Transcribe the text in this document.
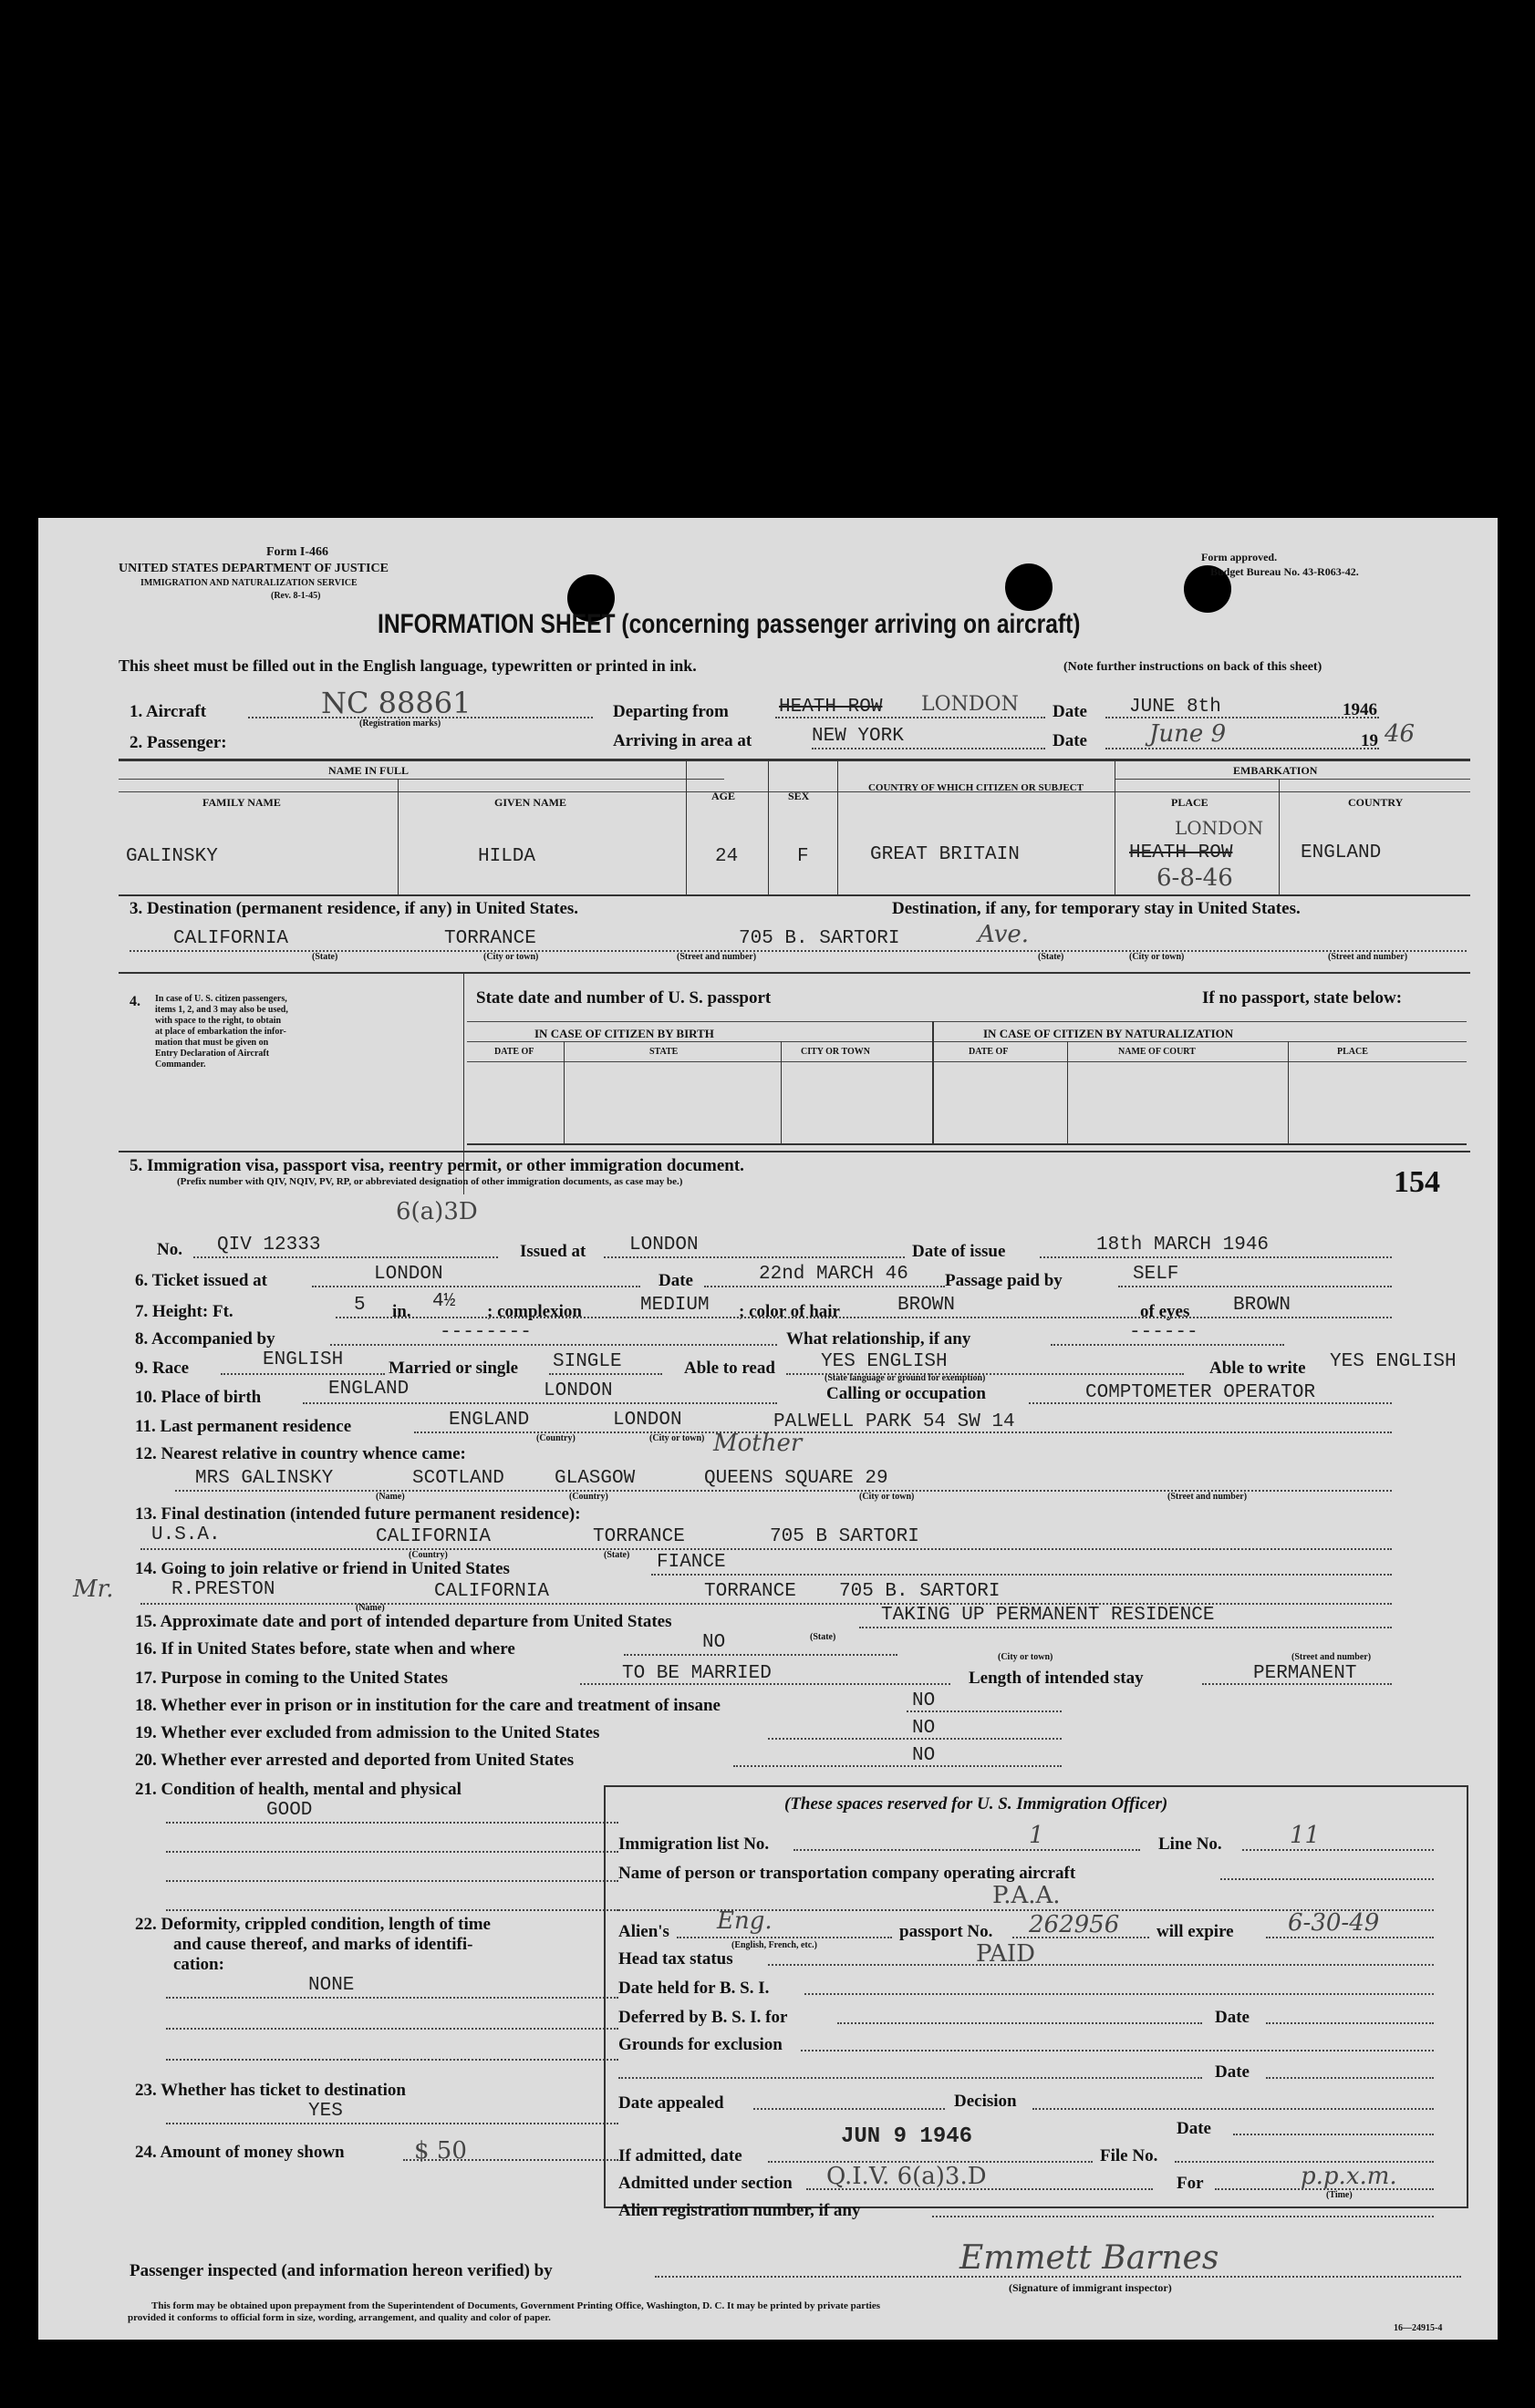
Form I-466
UNITED STATES DEPARTMENT OF JUSTICE
IMMIGRATION AND NATURALIZATION SERVICE
(Rev. 8-1-45)
Form approved.
Budget Bureau No. 43-R063-42.
INFORMATION SHEET (concerning passenger arriving on aircraft)
This sheet must be filled out in the English language, typewritten or printed in ink.	(Note further instructions on back of this sheet)
1. Aircraft	NC 88861
(Registration marks)
Departing from	HEATH ROW LONDON Date JUNE 8th	1946
2. Passenger:	Arriving in area at	NEW YORK	Date	June 9	19 46
NAME IN FULL
FAMILY NAME	GIVEN NAME	AGE	SEX
COUNTRY OF WHICH CITIZEN OR SUBJECT
EMBARKATION
PLACE	COUNTRY
GALINSKY	HILDA	24	F	GREAT BRITAIN
LONDON
HEATH ROW
6-8-46
ENGLAND
3. Destination (permanent residence, if any) in United States.	Destination, if any, for temporary stay in United States.
CALIFORNIA	TORRANCE	705 B. SARTORI	Ave.
(State)	(City or town)	(Street and number)	(State)	(City or town)	(Street and number)
4. In case of U. S. citizen passengers,
items 1, 2, and 3 may also be used,
with space to the right, to obtain
at place of embarkation the infor-
mation that must be given on
Entry Declaration of Aircraft
Commander.
State date and number of U. S. passport	If no passport, state below:
IN CASE OF CITIZEN BY BIRTH	IN CASE OF CITIZEN BY NATURALIZATION
DATE OF	STATE	CITY OR TOWN	DATE OF	NAME OF COURT	PLACE
5. Immigration visa, passport visa, reentry permit, or other immigration document.
(Prefix number with QIV, NQIV, PV, RP, or abbreviated designation of other immigration documents, as case may be.)	154
No. QIV 12333
6(a)3D
Issued at LONDON	Date of issue	18th MARCH 1946
6. Ticket issued at	LONDON	Date	22nd MARCH 46 Passage paid by	SELF
7. Height: Ft.	5 in. 4½ ; complexion	MEDIUM ; color of hair	BROWN	of eyes BROWN
8. Accompanied by	--------	What relationship, if any	------
9. Race	ENGLISH	Married or single SINGLE	Able to read YES ENGLISH
(State language or ground for exemption)
Able to write YES ENGLISH
10. Place of birth	ENGLAND	LONDON	Calling or occupation	COMPTOMETER OPERATOR
11. Last permanent residence	ENGLAND	LONDON	PALWELL PARK 54 SW 14
(Country)	(City or town)
12. Nearest relative in country whence came:	Mother
MRS GALINSKY	SCOTLAND	GLASGOW	QUEENS SQUARE 29
(Name)	(Country)	(City or town)	(Street and number)
13. Final destination (intended future permanent residence):
U.S.A.	CALIFORNIA	TORRANCE	705 B SARTORI
(Country)	(State)
14. Going to join relative or friend in United States	FIANCE
Mr.	R.PRESTON	CALIFORNIA	TORRANCE 705 B. SARTORI
(Name)
(State)
(City or town)	(Street and number)
15. Approximate date and port of intended departure from United States	TAKING UP PERMANENT RESIDENCE
16. If in United States before, state when and where	NO
17. Purpose in coming to the United States	TO BE MARRIED	Length of intended stay	PERMANENT
18. Whether ever in prison or in institution for the care and treatment of insane	NO
19. Whether ever excluded from admission to the United States	NO
20. Whether ever arrested and deported from United States	NO
21. Condition of health, mental and physical
GOOD
22. Deformity, crippled condition, length of time
and cause thereof, and marks of identifi-
cation:
NONE
23. Whether has ticket to destination
YES
24. Amount of money shown	$ 50
(These spaces reserved for U. S. Immigration Officer)
Immigration list No.	1	Line No.	11
Name of person or transportation company operating aircraft
P.A.A.
Alien's Eng.
(English, French, etc.)
passport No. 262956 will expire 6-30-49
Head tax status	PAID
Date held for B. S. I.
Deferred by B. S. I. for	Date
Grounds for exclusion
Date
Date appealed	Decision
Date
If admitted, date
JUN 9 1946
File No.
Admitted under section Q.I.V. 6(a)3.D	For	p.p.x.m.
(Time)
Alien registration number, if any
Passenger inspected (and information hereon verified) by	Emmett Barnes
(Signature of immigrant inspector)
This form may be obtained upon prepayment from the Superintendent of Documents, Government Printing Office, Washington, D. C. It may be printed by private parties
provided it conforms to official form in size, wording, arrangement, and quality and color of paper.
16—24915-4
